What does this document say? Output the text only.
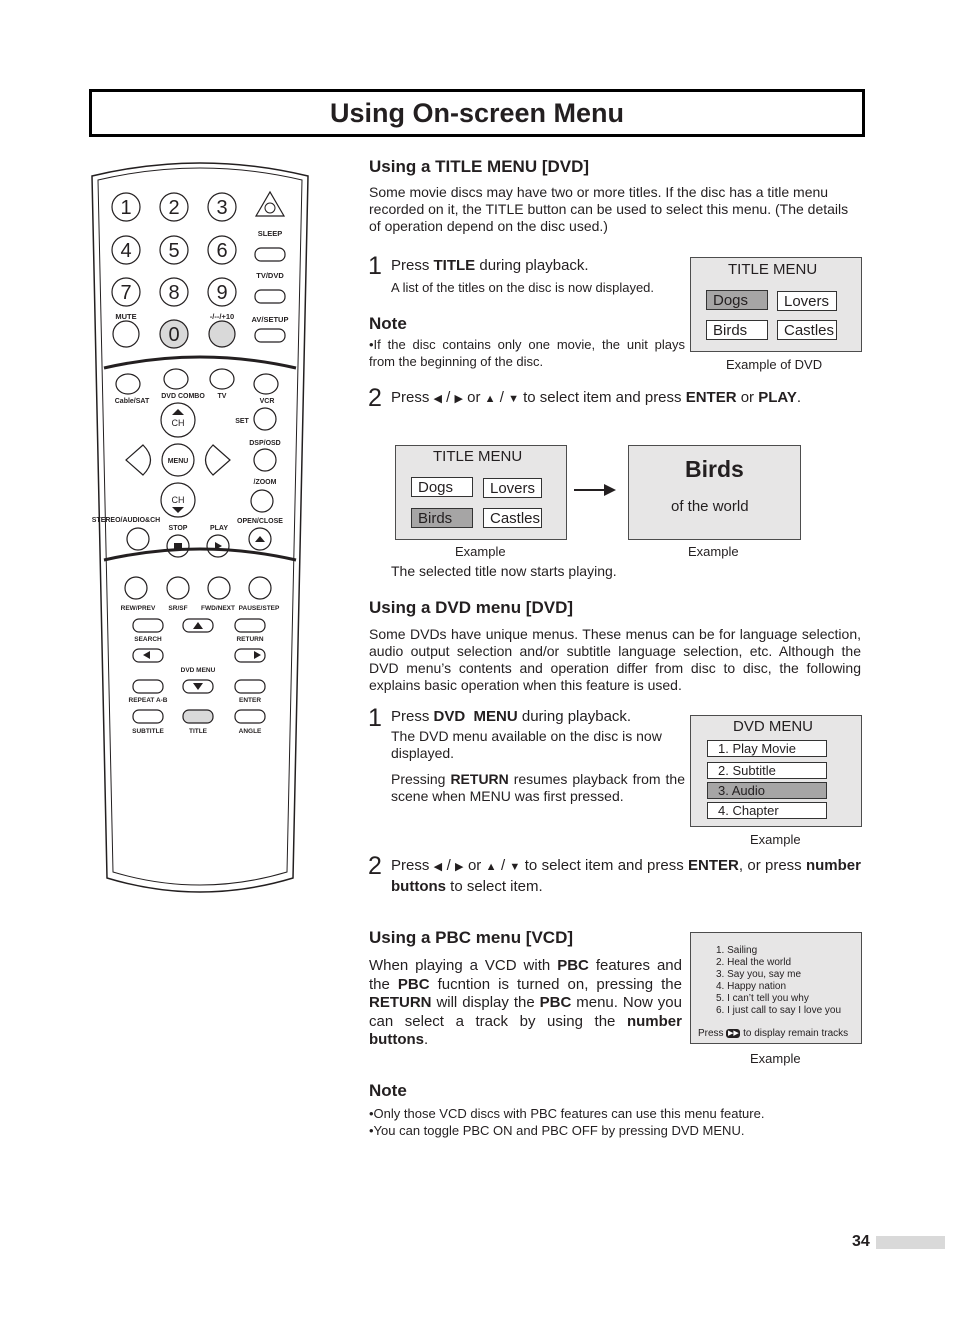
Using On-screen Menu
1 2 3
4 5 6
7 8 9
0
SLEEP
TV/DVD
MUTE	-/--/+10 AV/SETUP
Cable/SAT
DVD COMBO TV
VCR
SET
DSP/OSD
/ZOOM
MENU
STEREO/AUDIO&CH
STOP	PLAY
OPEN/CLOSE
CH
CH
REW/PREV SR/SF FWD/NEXT PAUSE/STEP
SEARCH	RETURN
DVD MENU
REPEAT A-B	ENTER
SUBTITLE	TITLE	ANGLE
Using a TITLE MENU [DVD]

Some movie discs may have two or more titles. If the disc has a title menu recorded on it, the TITLE button can be used to select this menu. (The details of operation depend on the disc used.)

1 Press TITLE during playback.

A list of the titles on the disc is now displayed.

Note

•If the disc contains only one movie, the unit plays from the beginning of the disc.

TITLE MENU
Dogs	Lovers
Birds	Castles
Example of DVD
2 Press ◀ / ▶ or ▲ / ▼ to select item and press ENTER or PLAY.

TITLE MENU
Dogs	Lovers
Birds	Castles
Example
Birds
of the world
Example

The selected title now starts playing.

Using a DVD menu [DVD]

Some DVDs have unique menus. These menus can be for language selection, audio output selection and/or subtitle language selection, etc. Although the DVD menu’s contents and operation differ from disc to disc, the following explains basic operation when this feature is used.

1 Press DVD  MENU during playback.

The DVD menu available on the disc is now displayed.

Pressing RETURN resumes playback from the scene when MENU was first pressed.

DVD MENU
1. Play Movie
2. Subtitle
3. Audio
4. Chapter
Example
2 Press ◀ / ▶ or ▲ / ▼ to select item and press ENTER, or press number buttons to select item.

Using a PBC menu [VCD]

When playing a VCD with PBC features and the PBC fucntion is turned on, pressing the RETURN will display the PBC menu. Now you can select a track by using the number buttons.

1. Sailing
2. Heal the world
3. Say you, say me
4. Happy nation
5. I can’t tell you why
6. I just call to say I love you
Press ▶▶ to display remain tracks
Example
Note

•Only those VCD discs with PBC features can use this menu feature.

•You can toggle PBC ON and PBC OFF by pressing DVD MENU.

34
